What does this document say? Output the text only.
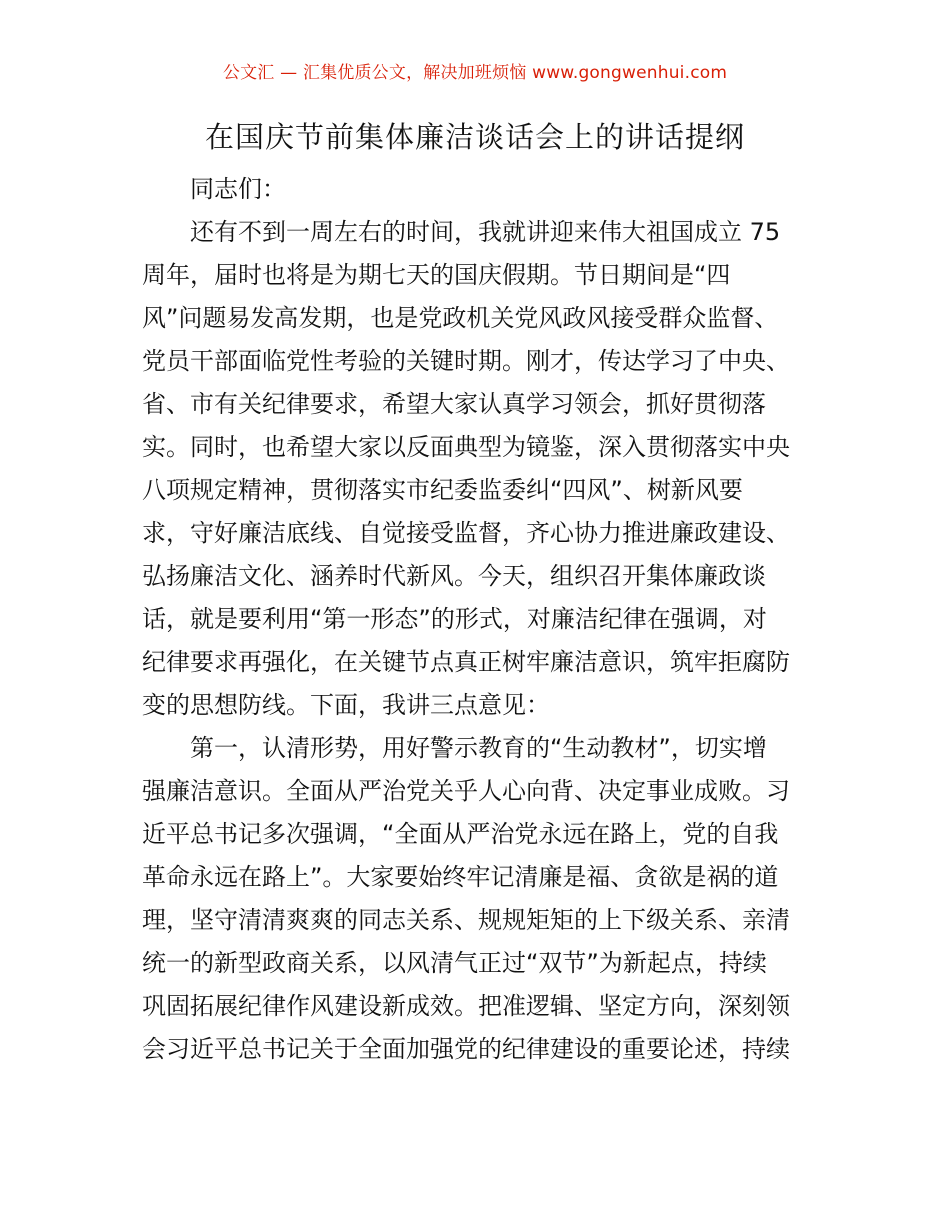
公文汇 — 汇集优质公文，解决加班烦恼 www.gongwenhui.com
在国庆节前集体廉洁谈话会上的讲话提纲
同志们：
还有不到一周左右的时间，我就讲迎来伟大祖国成立 75
周年，届时也将是为期七天的国庆假期。节日期间是“四
风”问题易发高发期，也是党政机关党风政风接受群众监督、
党员干部面临党性考验的关键时期。刚才，传达学习了中央、
省、市有关纪律要求，希望大家认真学习领会，抓好贯彻落
实。同时，也希望大家以反面典型为镜鉴，深入贯彻落实中央
八项规定精神，贯彻落实市纪委监委纠“四风”、树新风要
求，守好廉洁底线、自觉接受监督，齐心协力推进廉政建设、
弘扬廉洁文化、涵养时代新风。今天，组织召开集体廉政谈
话，就是要利用“第一形态”的形式，对廉洁纪律在强调，对
纪律要求再强化，在关键节点真正树牢廉洁意识，筑牢拒腐防
变的思想防线。下面，我讲三点意见：
第一，认清形势，用好警示教育的“生动教材”，切实增
强廉洁意识。全面从严治党关乎人心向背、决定事业成败。习
近平总书记多次强调，“全面从严治党永远在路上，党的自我
革命永远在路上”。大家要始终牢记清廉是福、贪欲是祸的道
理，坚守清清爽爽的同志关系、规规矩矩的上下级关系、亲清
统一的新型政商关系，以风清气正过“双节”为新起点，持续
巩固拓展纪律作风建设新成效。把准逻辑、坚定方向，深刻领
会习近平总书记关于全面加强党的纪律建设的重要论述，持续
